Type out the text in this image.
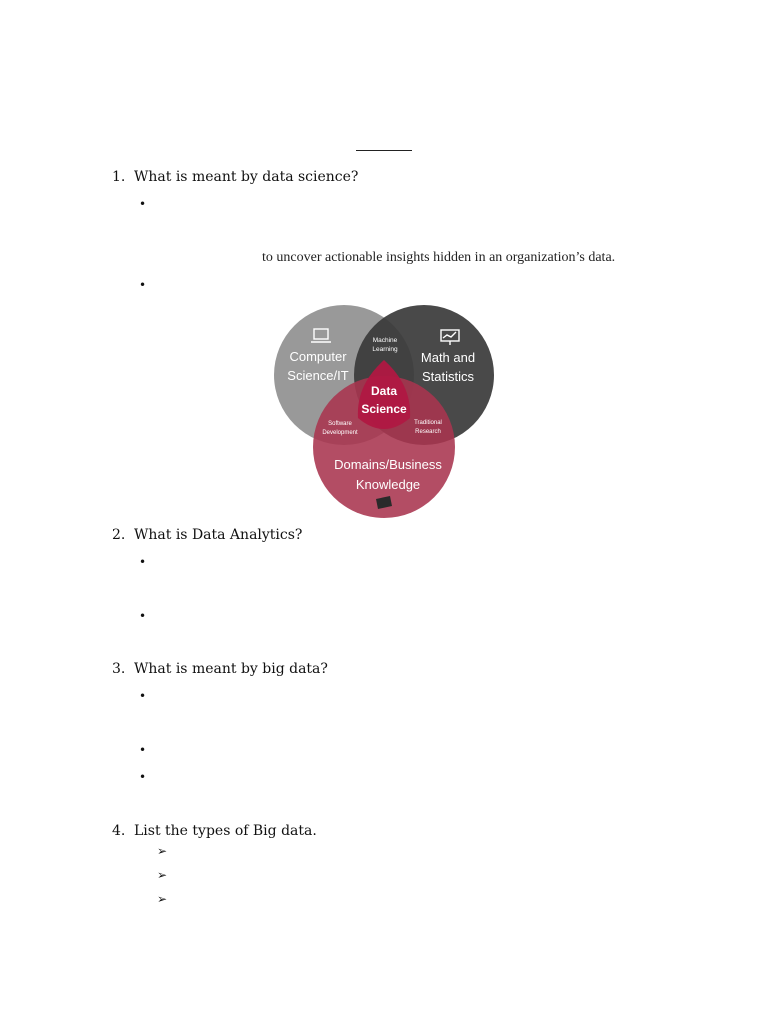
1. What is meant by data science?
•
to uncover actionable insights hidden in an organization’s data.
•
Computer
Science/IT
Math and
Statistics
Domains/Business
Knowledge
Machine
Learning
Data
Science
Software
Development
Traditional
Research
2. What is Data Analytics?
•
•
3. What is meant by big data?
•
•
•
4. List the types of Big data.
➢
➢
➢
